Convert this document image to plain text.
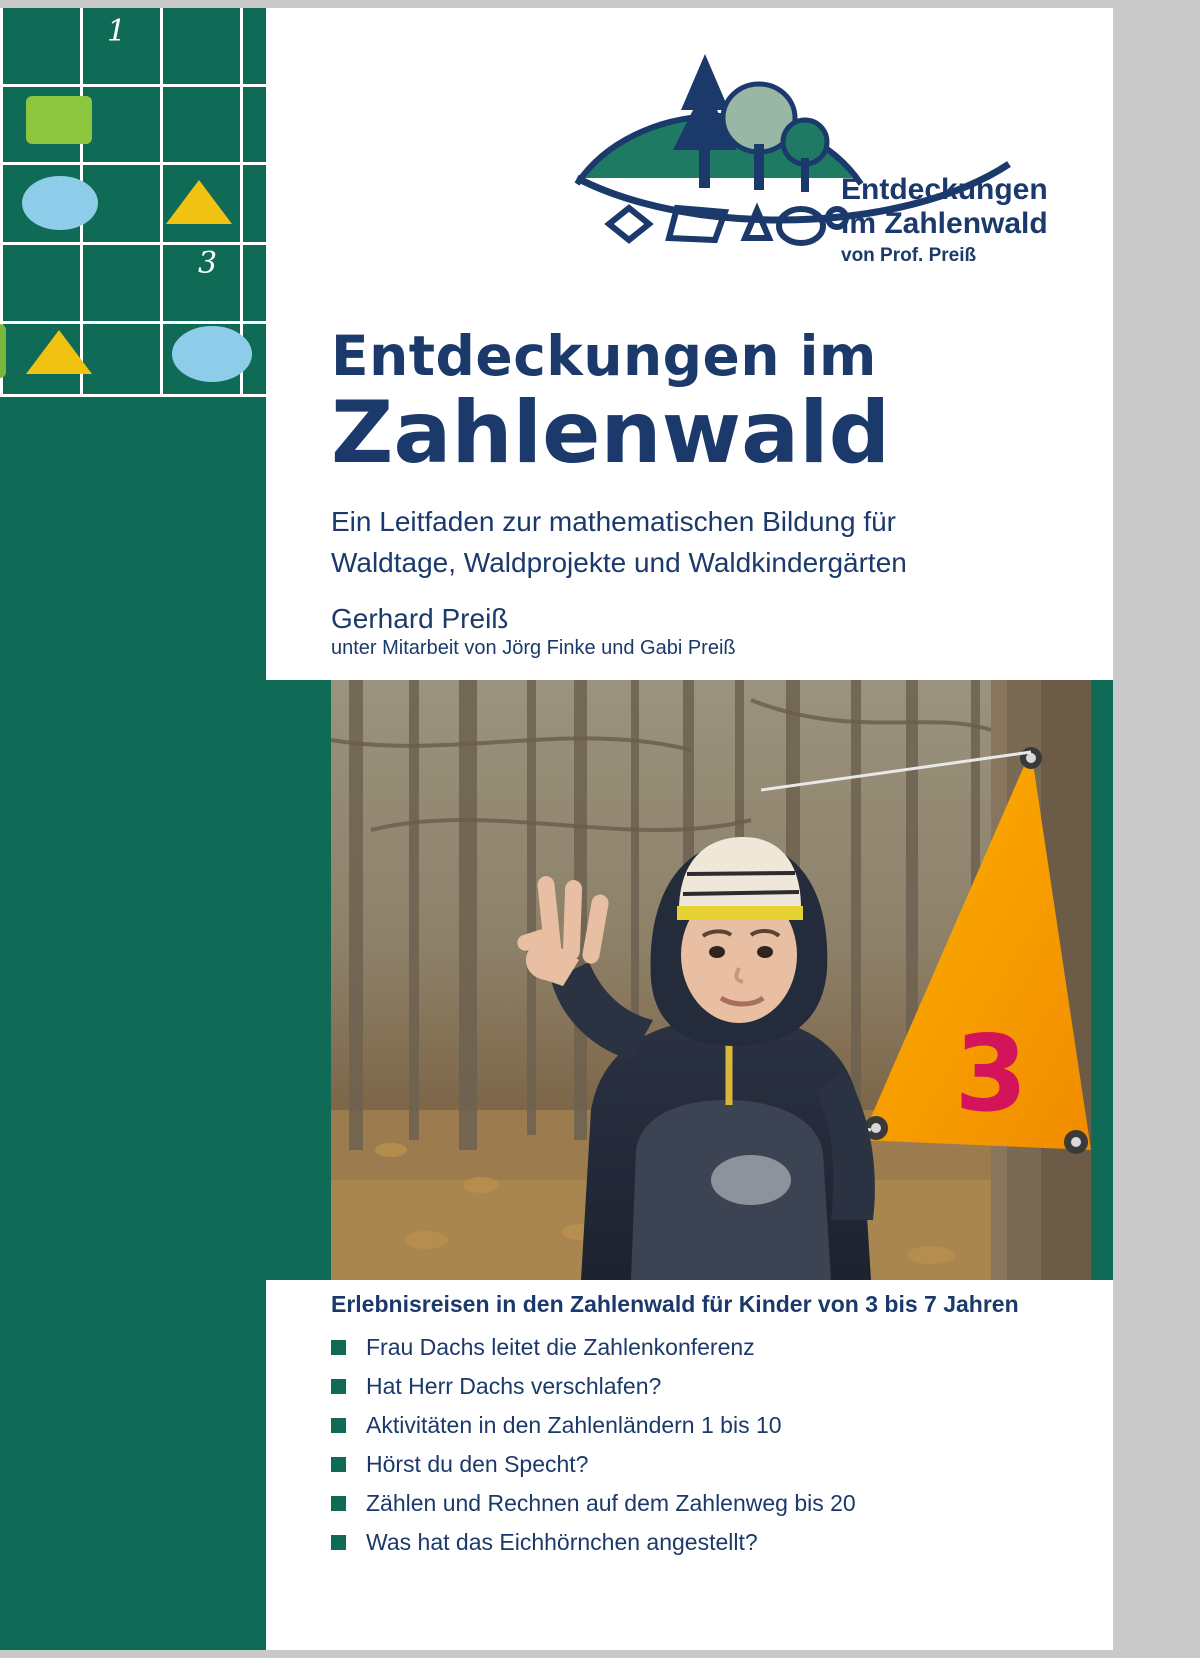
1
3
Entdeckungen
im Zahlenwald
von Prof. Preiß
Entdeckungen im
Zahlenwald
Ein Leitfaden zur mathematischen Bildung für
Waldtage, Waldprojekte und Waldkindergärten
Gerhard Preiß
unter Mitarbeit von Jörg Finke und Gabi Preiß
3
Erlebnisreisen in den Zahlenwald für Kinder von 3 bis 7 Jahren
Frau Dachs leitet die Zahlenkonferenz
Hat Herr Dachs verschlafen?
Aktivitäten in den Zahlenländern 1 bis 10
Hörst du den Specht?
Zählen und Rechnen auf dem Zahlenweg bis 20
Was hat das Eichhörnchen angestellt?
